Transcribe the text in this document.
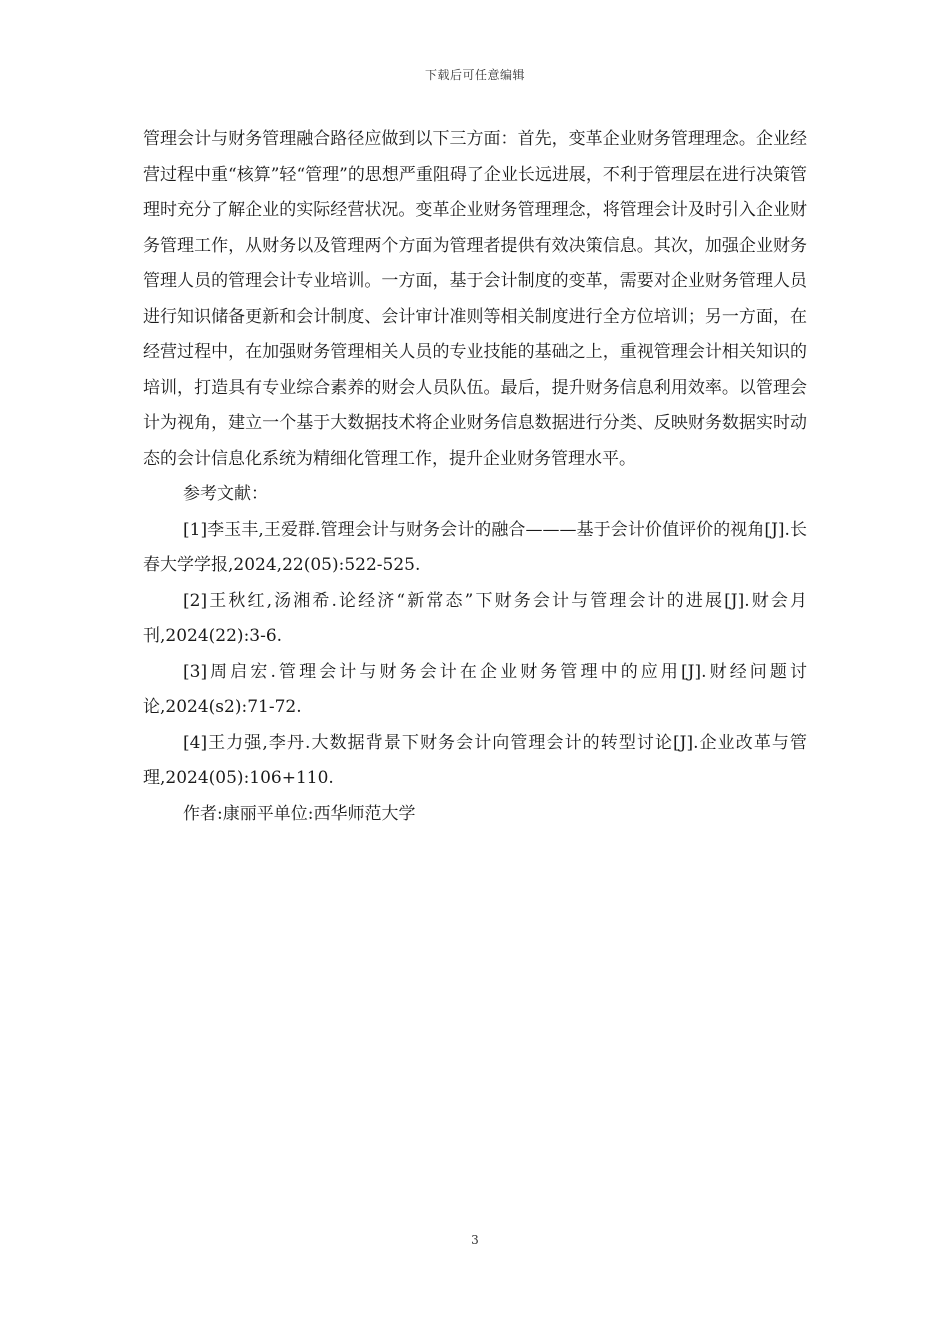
下载后可任意编辑

管理会计与财务管理融合路径应做到以下三方面：首先，变革企业财务管理理念。企业经营过程中重“核算”轻“管理”的思想严重阻碍了企业长远进展，不利于管理层在进行决策管理时充分了解企业的实际经营状况。变革企业财务管理理念，将管理会计及时引入企业财务管理工作，从财务以及管理两个方面为管理者提供有效决策信息。其次，加强企业财务管理人员的管理会计专业培训。一方面，基于会计制度的变革，需要对企业财务管理人员进行知识储备更新和会计制度、会计审计准则等相关制度进行全方位培训；另一方面，在经营过程中，在加强财务管理相关人员的专业技能的基础之上，重视管理会计相关知识的培训，打造具有专业综合素养的财会人员队伍。最后，提升财务信息利用效率。以管理会计为视角，建立一个基于大数据技术将企业财务信息数据进行分类、反映财务数据实时动态的会计信息化系统为精细化管理工作，提升企业财务管理水平。

参考文献：

[1]李玉丰,王爱群.管理会计与财务会计的融合———基于会计价值评价的视角[J].长春大学学报,2024,22(05):522-525.

[2]王秋红,汤湘希.论经济“新常态”下财务会计与管理会计的进展[J].财会月刊,2024(22):3-6.

[3]周启宏.管理会计与财务会计在企业财务管理中的应用[J].财经问题讨论,2024(s2):71-72.

[4]王力强,李丹.大数据背景下财务会计向管理会计的转型讨论[J].企业改革与管理,2024(05):106+110.

作者:康丽平单位:西华师范大学

3
